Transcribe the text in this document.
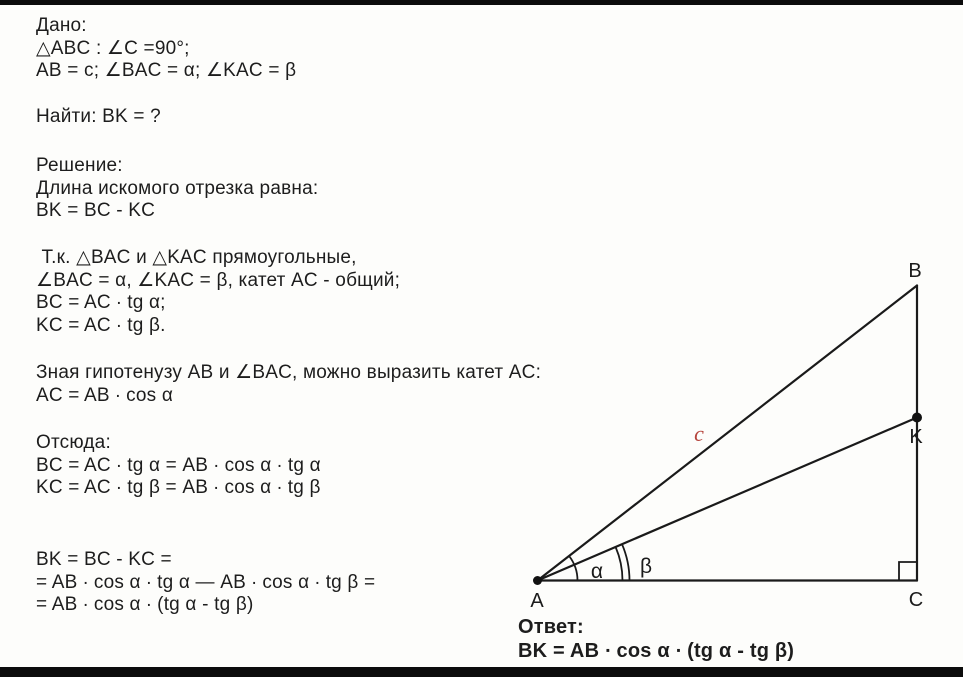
Дано:
△ABC : ∠C =90°;
AB = c; ∠BAC = α; ∠KAC = β
Найти: BK = ?
Решение:
Длина искомого отрезка равна:
BK = BC - KC
Т.к. △BAC и △KAC прямоугольные,
∠BAC = α, ∠KAC = β, катет AC - общий;
BC = AC ∙ tg α;
KC = AC ∙ tg β.
Зная гипотенузу AB и ∠BAC, можно выразить катет AC:
AC = AB ∙ cos α
Отсюда:
BC = AC ∙ tg α = AB ∙ cos α ∙ tg α
KC = AC ∙ tg β = AB ∙ cos α ∙ tg β
BK = BC - KC =
= AB ∙ cos α ∙ tg α — AB ∙ cos α ∙ tg β =
= AB ∙ cos α ∙ (tg α - tg β)
Ответ:
BK = AB ∙ cos α ∙ (tg α - tg β)
A
B
C
K
c
α β
